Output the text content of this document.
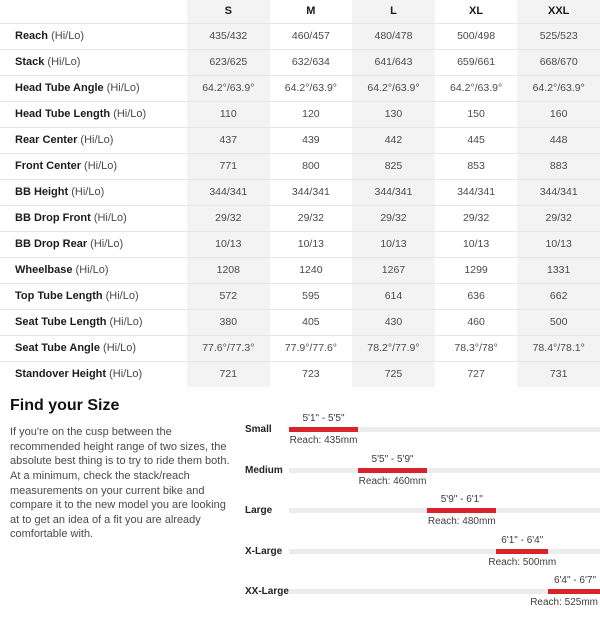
	S	M	L	XL	XXL
Reach (Hi/Lo)	435/432	460/457	480/478	500/498	525/523
Stack (Hi/Lo)	623/625	632/634	641/643	659/661	668/670
Head Tube Angle (Hi/Lo)	64.2°/63.9°	64.2°/63.9°	64.2°/63.9°	64.2°/63.9°	64.2°/63.9°
Head Tube Length (Hi/Lo)	110	120	130	150	160
Rear Center (Hi/Lo)	437	439	442	445	448
Front Center (Hi/Lo)	771	800	825	853	883
BB Height (Hi/Lo)	344/341	344/341	344/341	344/341	344/341
BB Drop Front (Hi/Lo)	29/32	29/32	29/32	29/32	29/32
BB Drop Rear (Hi/Lo)	10/13	10/13	10/13	10/13	10/13
Wheelbase (Hi/Lo)	1208	1240	1267	1299	1331
Top Tube Length (Hi/Lo)	572	595	614	636	662
Seat Tube Length (Hi/Lo)	380	405	430	460	500
Seat Tube Angle (Hi/Lo)	77.6°/77.3°	77.9°/77.6°	78.2°/77.9°	78.3°/78°	78.4°/78.1°
Standover Height (Hi/Lo)	721	723	725	727	731
Find your Size

If you're on the cusp between the recommended height range of two sizes, the absolute best thing is to try to ride them both. At a minimum, check the stack/reach measurements on your current bike and compare it to the new model you are looking at to get an idea of a fit you are already comfortable with.

Small
5'1" - 5'5"
Reach: 435mm
Medium
5'5" - 5'9"
Reach: 460mm
Large
5'9" - 6'1"
Reach: 480mm
X-Large
6'1" - 6'4"
Reach: 500mm
XX-Large
6'4" - 6'7"
Reach: 525mm
